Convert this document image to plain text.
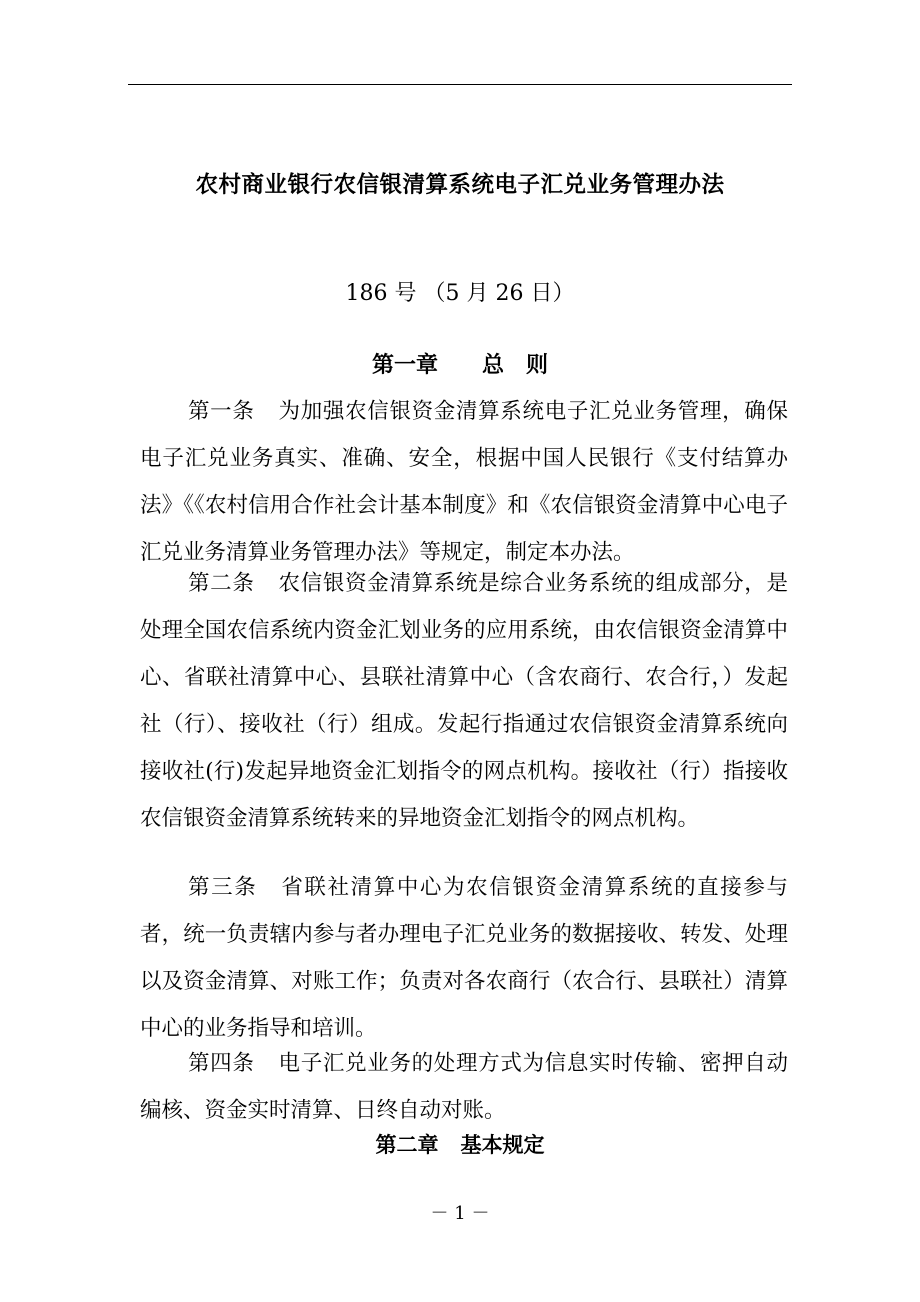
农村商业银行农信银清算系统电子汇兑业务管理办法

186 号 （5 月 26 日）

第一章 总 则

第一条 为加强农信银资金清算系统电子汇兑业务管理，确保电子汇兑业务真实、准确、安全，根据中国人民银行《支付结算办法》《《农村信用合作社会计基本制度》和《农信银资金清算中心电子汇兑业务清算业务管理办法》等规定，制定本办法。

第二条 农信银资金清算系统是综合业务系统的组成部分，是处理全国农信系统内资金汇划业务的应用系统，由农信银资金清算中心、省联社清算中心、县联社清算中心（含农商行、农合行，）发起社（行）、接收社（行）组成。发起行指通过农信银资金清算系统向接收社(行)发起异地资金汇划指令的网点机构。接收社（行）指接收农信银资金清算系统转来的异地资金汇划指令的网点机构。

第三条 省联社清算中心为农信银资金清算系统的直接参与者，统一负责辖内参与者办理电子汇兑业务的数据接收、转发、处理以及资金清算、对账工作；负责对各农商行（农合行、县联社）清算中心的业务指导和培训。

第四条 电子汇兑业务的处理方式为信息实时传输、密押自动编核、资金实时清算、日终自动对账。

第二章 基本规定

－ 1 －
